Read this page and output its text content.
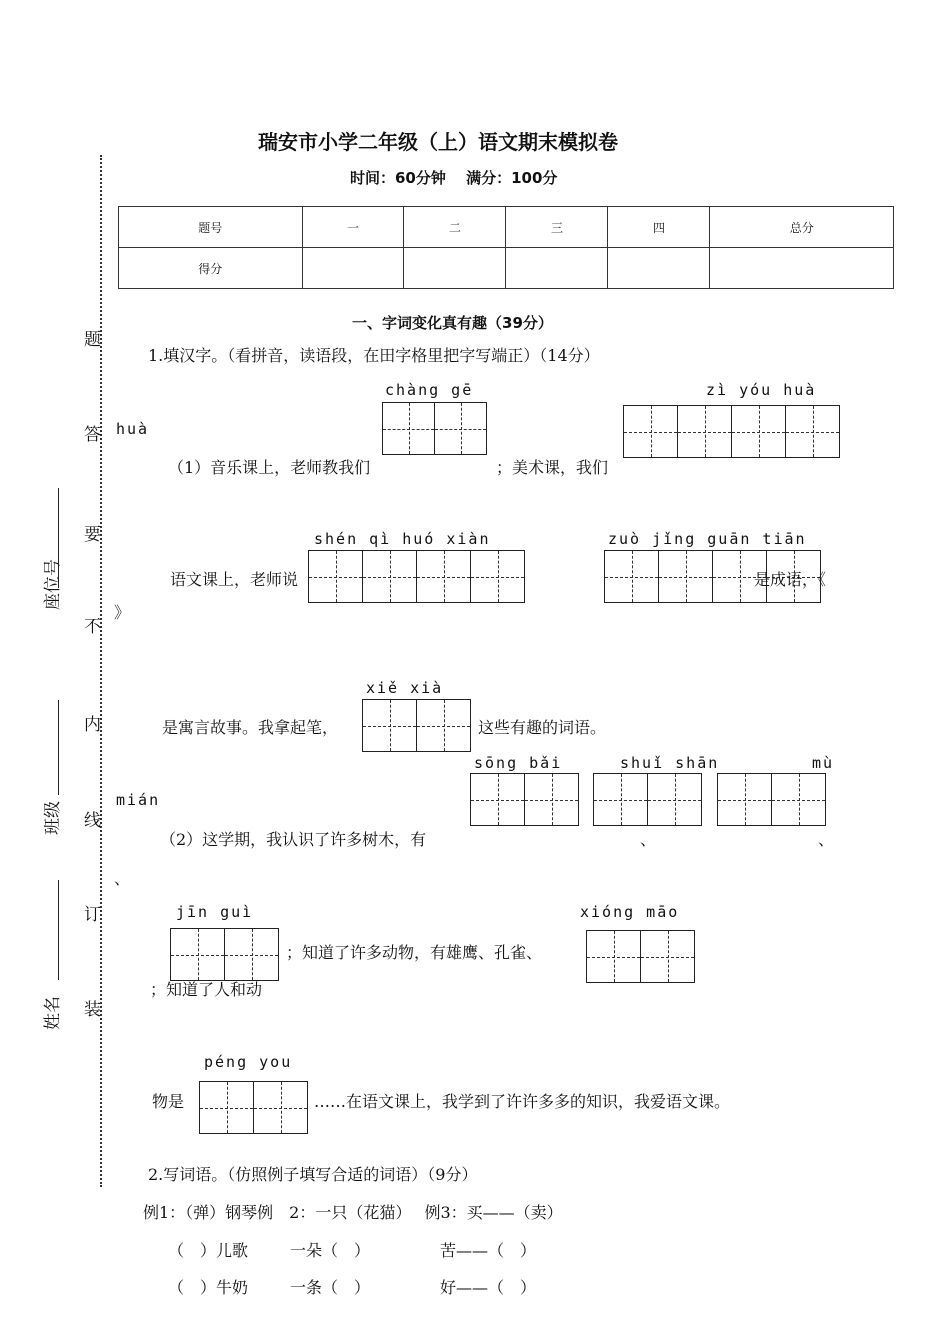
瑞安市小学二年级（上）语文期末模拟卷
时间：60分钟　 满分：100分
题
答
要
不
内
线
订
装
座位号
班级
姓名
题号	一	二	三	四	总分
得分					
一、字词变化真有趣（39分）
1.填汉字。（看拼音，读语段，在田字格里把字写端正）（14分）
chàng gē	zì yóu huà
huà
（1）音乐课上，老师教我们	；美术课，我们
shén qì huó xiàn	zuò jǐng guān tiān
语文课上，老师说	是成语，《
》
xiě xià
是寓言故事。我拿起笔，	这些有趣的词语。
sōng bǎi	shuǐ shān	mù
mián
（2）这学期，我认识了许多树木，有	、	、
、
jīn guì	xióng māo
；知道了许多动物，有雄鹰、孔雀、
；知道了人和动
péng you
物是	……在语文课上，我学到了许许多多的知识，我爱语文课。
2.写词语。（仿照例子填写合适的词语）（9分）
例1：（弹）钢琴例　2：一只（花猫）　 例3：买——（卖）
（　）儿歌	一朵（　）	苦——（　）
（　）牛奶	一条（　）	好——（　）
